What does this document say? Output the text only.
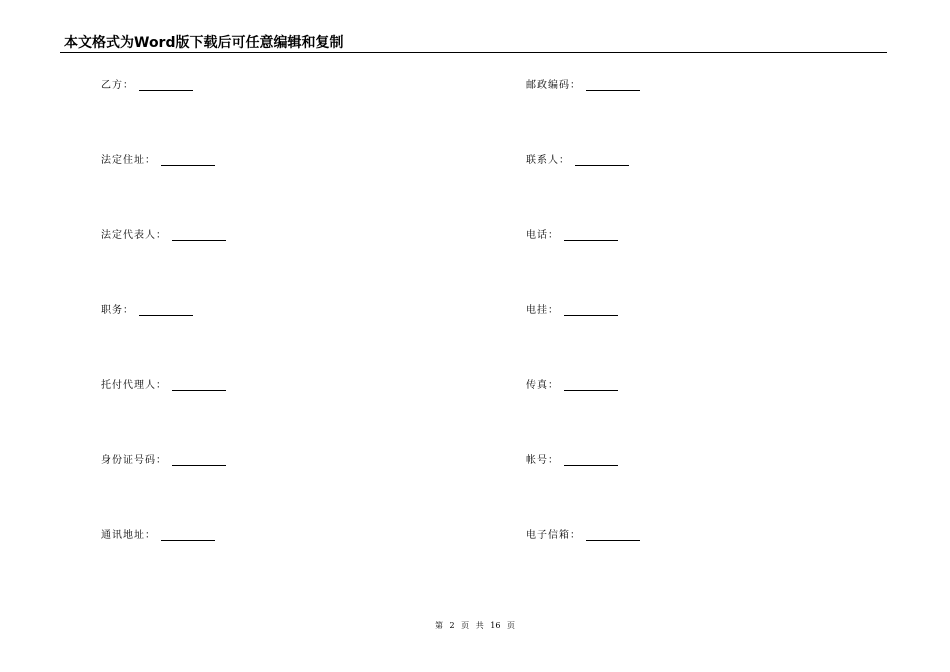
本文格式为Word版下载后可任意编辑和复制
乙方：
法定住址：
法定代表人：
职务：
托付代理人：
身份证号码：
通讯地址：
邮政编码：
联系人：
电话：
电挂：
传真：
帐号：
电子信箱：
第 2 页 共 16 页
